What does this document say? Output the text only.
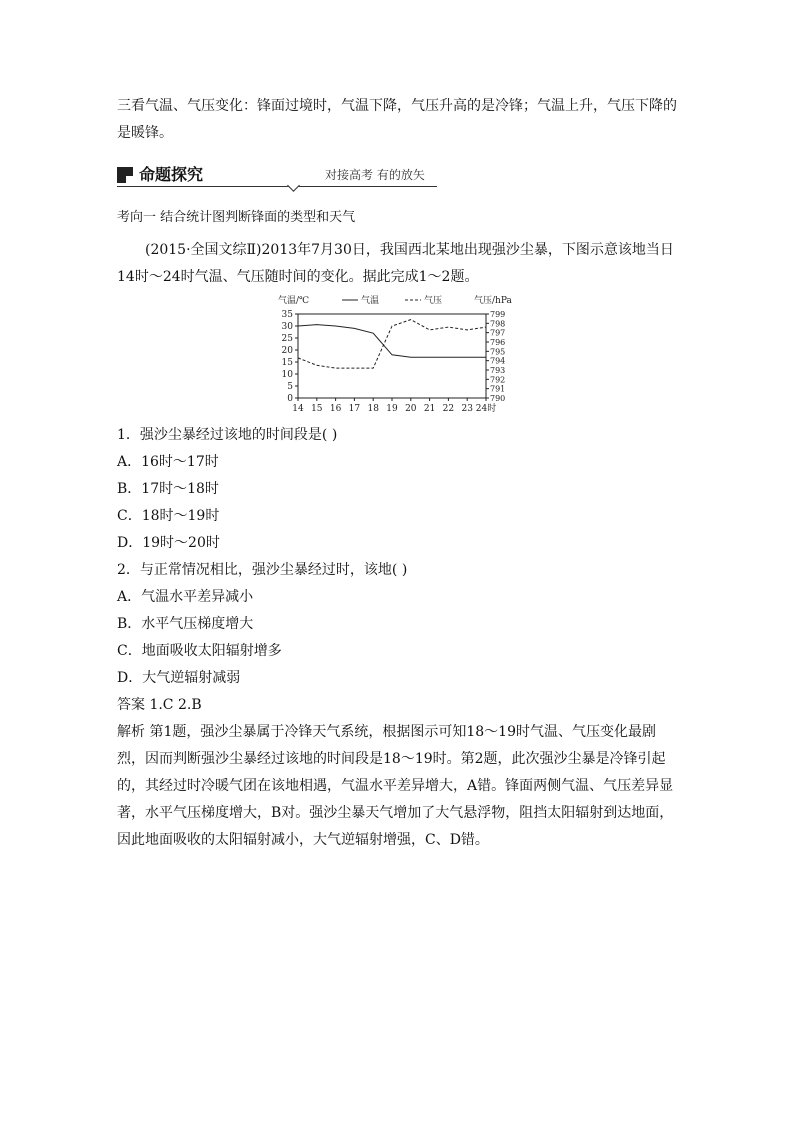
三看气温、气压变化：锋面过境时，气温下降，气压升高的是冷锋；气温上升，气压下降的是暖锋。

命题探究	对接高考 有的放矢

考向一 结合统计图判断锋面的类型和天气

(2015·全国文综Ⅱ)2013年7月30日，我国西北某地出现强沙尘暴，下图示意该地当日14时～24时气温、气压随时间的变化。据此完成1～2题。

0
5
10
15
20
25
30
35
790
791
792
793
794
795
796
797
798
799
14 15 16 17 18 19 20 21 22 23 24时
气温/℃	气压/hPa
气温	气压

1．强沙尘暴经过该地的时间段是( )

A．16时～17时

B．17时～18时

C．18时～19时

D．19时～20时

2．与正常情况相比，强沙尘暴经过时，该地( )

A．气温水平差异减小

B．水平气压梯度增大

C．地面吸收太阳辐射增多

D．大气逆辐射减弱

答案 1.C 2.B

解析 第1题，强沙尘暴属于冷锋天气系统，根据图示可知18～19时气温、气压变化最剧烈，因而判断强沙尘暴经过该地的时间段是18～19时。第2题，此次强沙尘暴是冷锋引起的，其经过时冷暖气团在该地相遇，气温水平差异增大，A错。锋面两侧气温、气压差异显著，水平气压梯度增大，B对。强沙尘暴天气增加了大气悬浮物，阻挡太阳辐射到达地面，因此地面吸收的太阳辐射减小，大气逆辐射增强，C、D错。
